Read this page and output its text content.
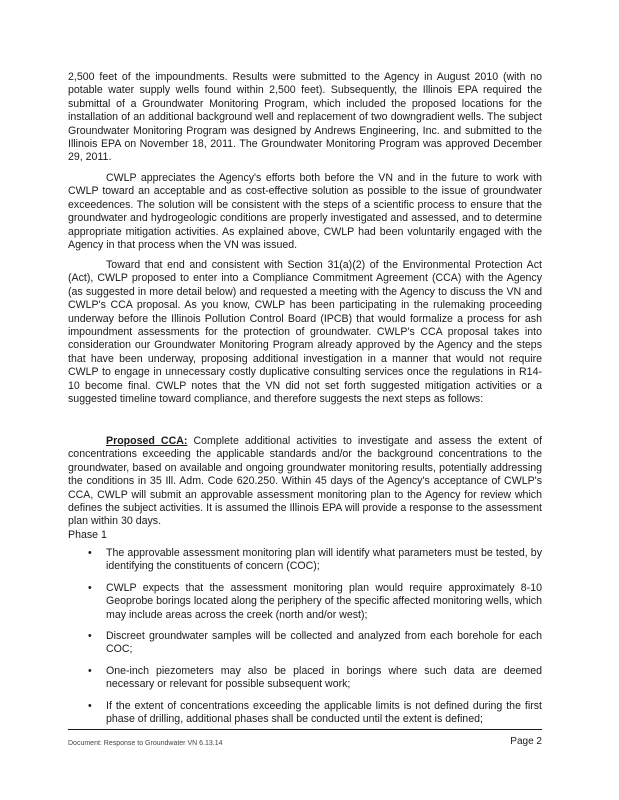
2,500 feet of the impoundments. Results were submitted to the Agency in August 2010 (with no potable water supply wells found within 2,500 feet). Subsequently, the Illinois EPA required the submittal of a Groundwater Monitoring Program, which included the proposed locations for the installation of an additional background well and replacement of two downgradient wells. The subject Groundwater Monitoring Program was designed by Andrews Engineering, Inc. and submitted to the Illinois EPA on November 18, 2011. The Groundwater Monitoring Program was approved December 29, 2011.

CWLP appreciates the Agency's efforts both before the VN and in the future to work with CWLP toward an acceptable and as cost-effective solution as possible to the issue of groundwater exceedences. The solution will be consistent with the steps of a scientific process to ensure that the groundwater and hydrogeologic conditions are properly investigated and assessed, and to determine appropriate mitigation activities. As explained above, CWLP had been voluntarily engaged with the Agency in that process when the VN was issued.

Toward that end and consistent with Section 31(a)(2) of the Environmental Protection Act (Act), CWLP proposed to enter into a Compliance Commitment Agreement (CCA) with the Agency (as suggested in more detail below) and requested a meeting with the Agency to discuss the VN and CWLP's CCA proposal. As you know, CWLP has been participating in the rulemaking proceeding underway before the Illinois Pollution Control Board (IPCB) that would formalize a process for ash impoundment assessments for the protection of groundwater. CWLP's CCA proposal takes into consideration our Groundwater Monitoring Program already approved by the Agency and the steps that have been underway, proposing additional investigation in a manner that would not require CWLP to engage in unnecessary costly duplicative consulting services once the regulations in R14-10 become final. CWLP notes that the VN did not set forth suggested mitigation activities or a suggested timeline toward compliance, and therefore suggests the next steps as follows:

Proposed CCA: Complete additional activities to investigate and assess the extent of concentrations exceeding the applicable standards and/or the background concentrations to the groundwater, based on available and ongoing groundwater monitoring results, potentially addressing the conditions in 35 Ill. Adm. Code 620.250. Within 45 days of the Agency's acceptance of CWLP's CCA, CWLP will submit an approvable assessment monitoring plan to the Agency for review which defines the subject activities. It is assumed the Illinois EPA will provide a response to the assessment plan within 30 days.

Phase 1
• The approvable assessment monitoring plan will identify what parameters must be tested, by identifying the constituents of concern (COC);
• CWLP expects that the assessment monitoring plan would require approximately 8-10 Geoprobe borings located along the periphery of the specific affected monitoring wells, which may include areas across the creek (north and/or west);
• Discreet groundwater samples will be collected and analyzed from each borehole for each COC;
• One-inch piezometers may also be placed in borings where such data are deemed necessary or relevant for possible subsequent work;
• If the extent of concentrations exceeding the applicable limits is not defined during the first phase of drilling, additional phases shall be conducted until the extent is defined;
Document: Response to Groundwater VN 6.13.14	Page 2
